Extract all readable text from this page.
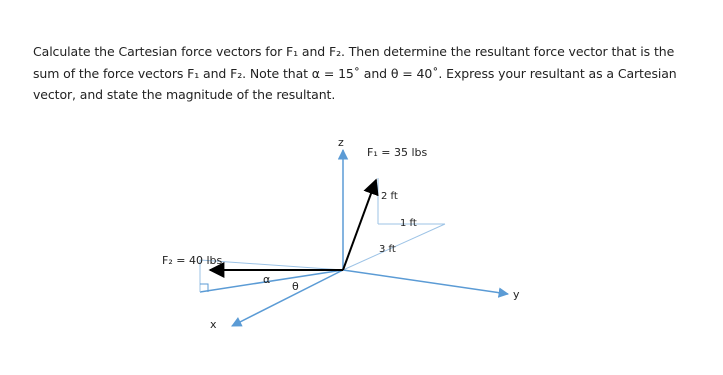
Calculate the Cartesian force vectors for F₁ and F₂. Then determine the resultant force vector that is the sum of the force vectors F₁ and F₂. Note that α = 15˚ and θ = 40˚. Express your resultant as a Cartesian vector, and state the magnitude of the resultant.

z
y
x
F₁ = 35 lbs
F₂ = 40 lbs
2 ft
1 ft
3 ft
α
θ
